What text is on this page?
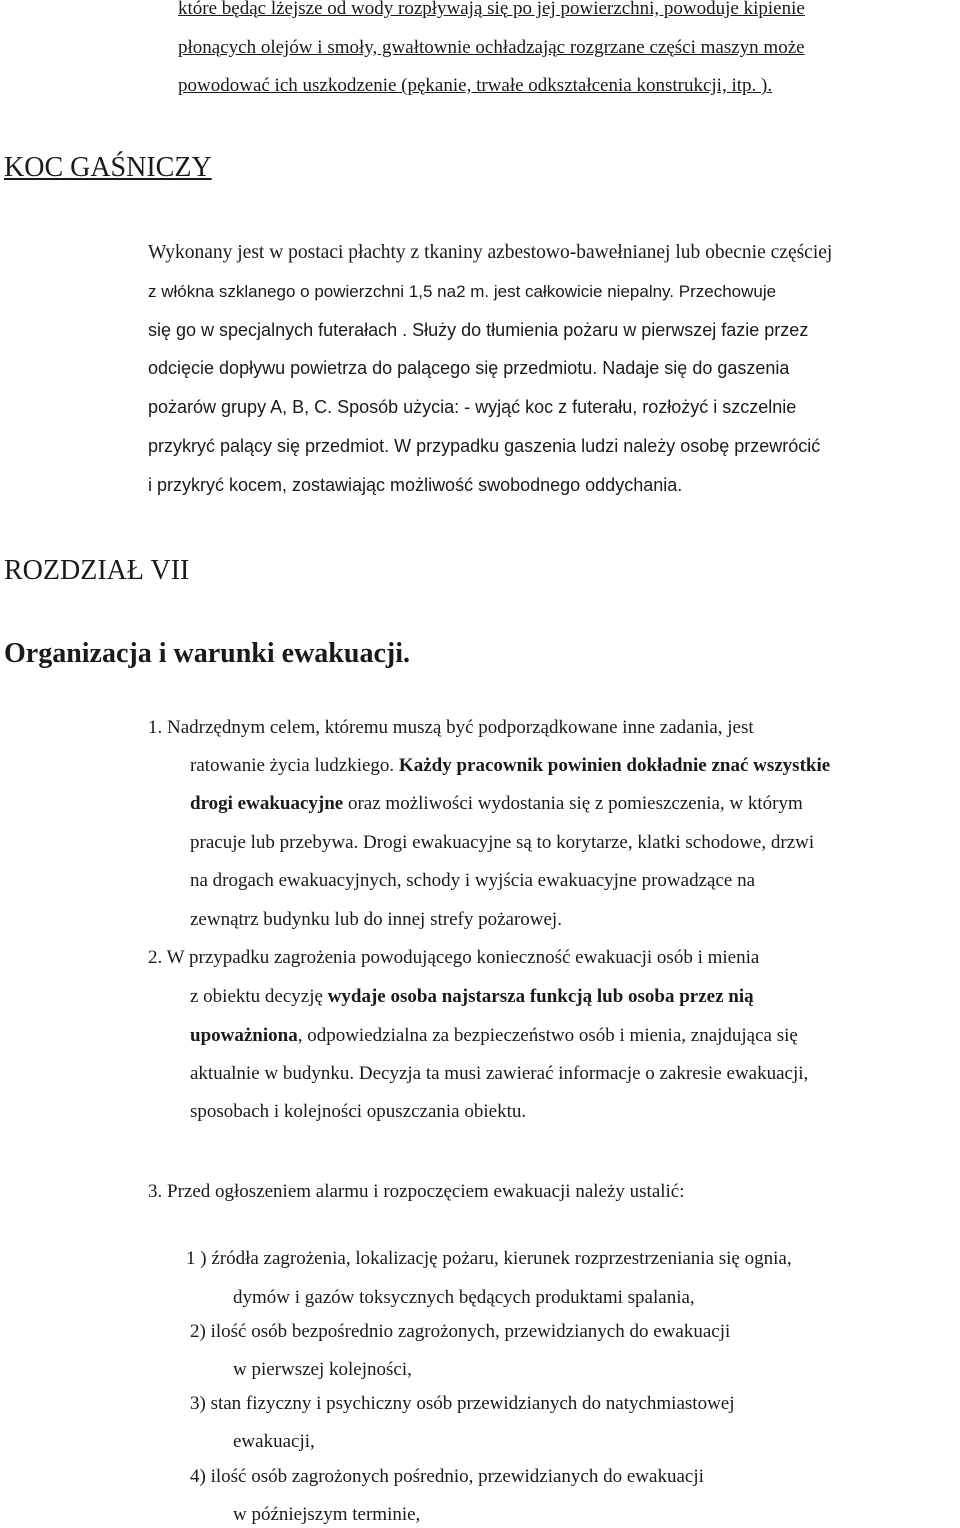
które będąc lżejsze od wody rozpływają się po jej powierzchni, powoduje kipienie
płonących olejów i smoły, gwałtownie ochładzając rozgrzane części maszyn może
powodować ich uszkodzenie (pękanie, trwałe odkształcenia konstrukcji, itp. ).
KOC GAŚNICZY
Wykonany jest w postaci płachty z tkaniny azbestowo-bawełnianej lub obecnie częściej
z włókna szklanego o powierzchni 1,5 na2 m. jest całkowicie niepalny. Przechowuje
się go w specjalnych futerałach . Służy do tłumienia pożaru w pierwszej fazie przez
odcięcie dopływu powietrza do palącego się przedmiotu. Nadaje się do gaszenia
pożarów grupy A, B, C. Sposób użycia: - wyjąć koc z futerału, rozłożyć i szczelnie
przykryć palący się przedmiot. W przypadku gaszenia ludzi należy osobę przewrócić
i przykryć kocem, zostawiając możliwość swobodnego oddychania.
ROZDZIAŁ VII
Organizacja i warunki ewakuacji.
1. Nadrzędnym celem, któremu muszą być podporządkowane inne zadania, jest
ratowanie życia ludzkiego. Każdy pracownik powinien dokładnie znać wszystkie
drogi ewakuacyjne oraz możliwości wydostania się z pomieszczenia, w którym
pracuje lub przebywa. Drogi ewakuacyjne są to korytarze, klatki schodowe, drzwi
na drogach ewakuacyjnych, schody i wyjścia ewakuacyjne prowadzące na
zewnątrz budynku lub do innej strefy pożarowej.
2. W przypadku zagrożenia powodującego konieczność ewakuacji osób i mienia
z obiektu decyzję wydaje osoba najstarsza funkcją lub osoba przez nią
upoważniona, odpowiedzialna za bezpieczeństwo osób i mienia, znajdująca się
aktualnie w budynku. Decyzja ta musi zawierać informacje o zakresie ewakuacji,
sposobach i kolejności opuszczania obiektu.
3. Przed ogłoszeniem alarmu i rozpoczęciem ewakuacji należy ustalić:
1 ) źródła zagrożenia, lokalizację pożaru, kierunek rozprzestrzeniania się ognia,
dymów i gazów toksycznych będących produktami spalania,
2) ilość osób bezpośrednio zagrożonych, przewidzianych do ewakuacji
w pierwszej kolejności,
3) stan fizyczny i psychiczny osób przewidzianych do natychmiastowej
ewakuacji,
4) ilość osób zagrożonych pośrednio, przewidzianych do ewakuacji
w późniejszym terminie,
